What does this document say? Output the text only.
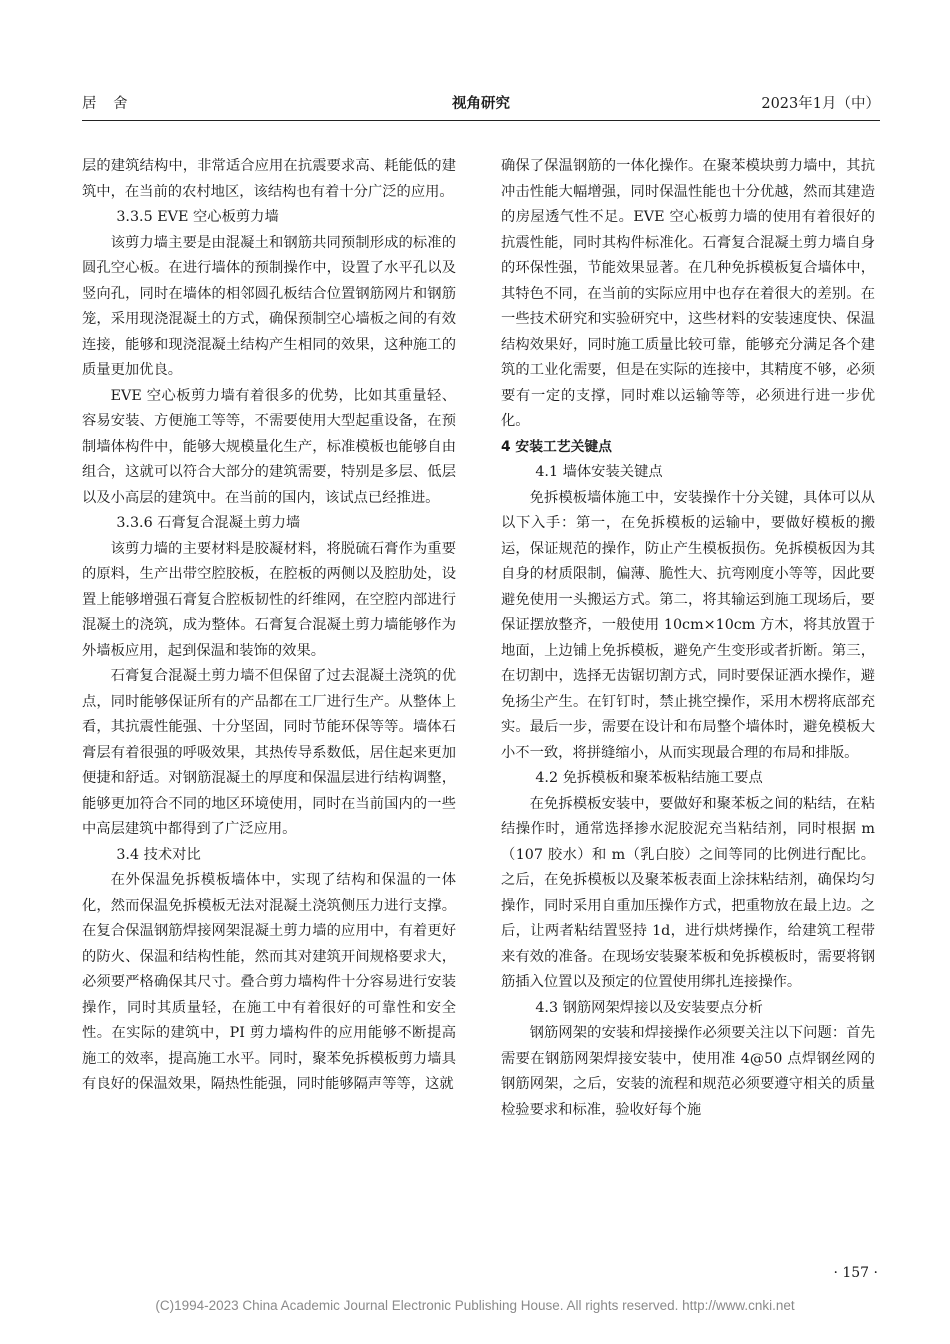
居 舍	视角研究	2023年1月（中）

层的建筑结构中，非常适合应用在抗震要求高、耗能低的建筑中，在当前的农村地区，该结构也有着十分广泛的应用。

3.3.5 EVE 空心板剪力墙

该剪力墙主要是由混凝土和钢筋共同预制形成的标准的圆孔空心板。在进行墙体的预制操作中，设置了水平孔以及竖向孔，同时在墙体的相邻圆孔板结合位置钢筋网片和钢筋笼，采用现浇混凝土的方式，确保预制空心墙板之间的有效连接，能够和现浇混凝土结构产生相同的效果，这种施工的质量更加优良。

EVE 空心板剪力墙有着很多的优势，比如其重量轻、容易安装、方便施工等等，不需要使用大型起重设备，在预制墙体构件中，能够大规模量化生产，标准模板也能够自由组合，这就可以符合大部分的建筑需要，特别是多层、低层以及小高层的建筑中。在当前的国内，该试点已经推进。

3.3.6 石膏复合混凝土剪力墙

该剪力墙的主要材料是胶凝材料，将脱硫石膏作为重要的原料，生产出带空腔胶板，在腔板的两侧以及腔肋处，设置上能够增强石膏复合腔板韧性的纤维网，在空腔内部进行混凝土的浇筑，成为整体。石膏复合混凝土剪力墙能够作为外墙板应用，起到保温和装饰的效果。

石膏复合混凝土剪力墙不但保留了过去混凝土浇筑的优点，同时能够保证所有的产品都在工厂进行生产。从整体上看，其抗震性能强、十分坚固，同时节能环保等等。墙体石膏层有着很强的呼吸效果，其热传导系数低，居住起来更加便捷和舒适。对钢筋混凝土的厚度和保温层进行结构调整，能够更加符合不同的地区环境使用，同时在当前国内的一些中高层建筑中都得到了广泛应用。

3.4 技术对比

在外保温免拆模板墙体中，实现了结构和保温的一体化，然而保温免拆模板无法对混凝土浇筑侧压力进行支撑。在复合保温钢筋焊接网架混凝土剪力墙的应用中，有着更好的防火、保温和结构性能，然而其对建筑开间规格要求大，必须要严格确保其尺寸。叠合剪力墙构件十分容易进行安装操作，同时其质量轻，在施工中有着很好的可靠性和安全性。在实际的建筑中，PI 剪力墙构件的应用能够不断提高施工的效率，提高施工水平。同时，聚苯免拆模板剪力墙具有良好的保温效果，隔热性能强，同时能够隔声等等，这就

确保了保温钢筋的一体化操作。在聚苯模块剪力墙中，其抗冲击性能大幅增强，同时保温性能也十分优越，然而其建造的房屋透气性不足。EVE 空心板剪力墙的使用有着很好的抗震性能，同时其构件标准化。石膏复合混凝土剪力墙自身的环保性强，节能效果显著。在几种免拆模板复合墙体中，其特色不同，在当前的实际应用中也存在着很大的差别。在一些技术研究和实验研究中，这些材料的安装速度快、保温结构效果好，同时施工质量比较可靠，能够充分满足各个建筑的工业化需要，但是在实际的连接中，其精度不够，必须要有一定的支撑，同时难以运输等等，必须进行进一步优化。

4 安装工艺关键点
4.1 墙体安装关键点

免拆模板墙体施工中，安装操作十分关键，具体可以从以下入手：第一，在免拆模板的运输中，要做好模板的搬运，保证规范的操作，防止产生模板损伤。免拆模板因为其自身的材质限制，偏薄、脆性大、抗弯刚度小等等，因此要避免使用一头搬运方式。第二，将其输运到施工现场后，要保证摆放整齐，一般使用 10cm×10cm 方木，将其放置于地面，上边铺上免拆模板，避免产生变形或者折断。第三，在切割中，选择无齿锯切割方式，同时要保证洒水操作，避免扬尘产生。在钉钉时，禁止挑空操作，采用木楞将底部充实。最后一步，需要在设计和布局整个墙体时，避免模板大小不一致，将拼缝缩小，从而实现最合理的布局和排版。

4.2 免拆模板和聚苯板粘结施工要点

在免拆模板安装中，要做好和聚苯板之间的粘结，在粘结操作时，通常选择掺水泥胶泥充当粘结剂，同时根据 m（107 胶水）和 m（乳白胶）之间等同的比例进行配比。之后，在免拆模板以及聚苯板表面上涂抹粘结剂，确保均匀操作，同时采用自重加压操作方式，把重物放在最上边。之后，让两者粘结置竖持 1d，进行烘烤操作，给建筑工程带来有效的准备。在现场安装聚苯板和免拆模板时，需要将钢筋插入位置以及预定的位置使用绑扎连接操作。

4.3 钢筋网架焊接以及安装要点分析

钢筋网架的安装和焊接操作必须要关注以下问题：首先需要在钢筋网架焊接安装中，使用准 4@50 点焊钢丝网的钢筋网架，之后，安装的流程和规范必须要遵守相关的质量检验要求和标准，验收好每个施

· 157 ·
(C)1994-2023 China Academic Journal Electronic Publishing House. All rights reserved. http://www.cnki.net
